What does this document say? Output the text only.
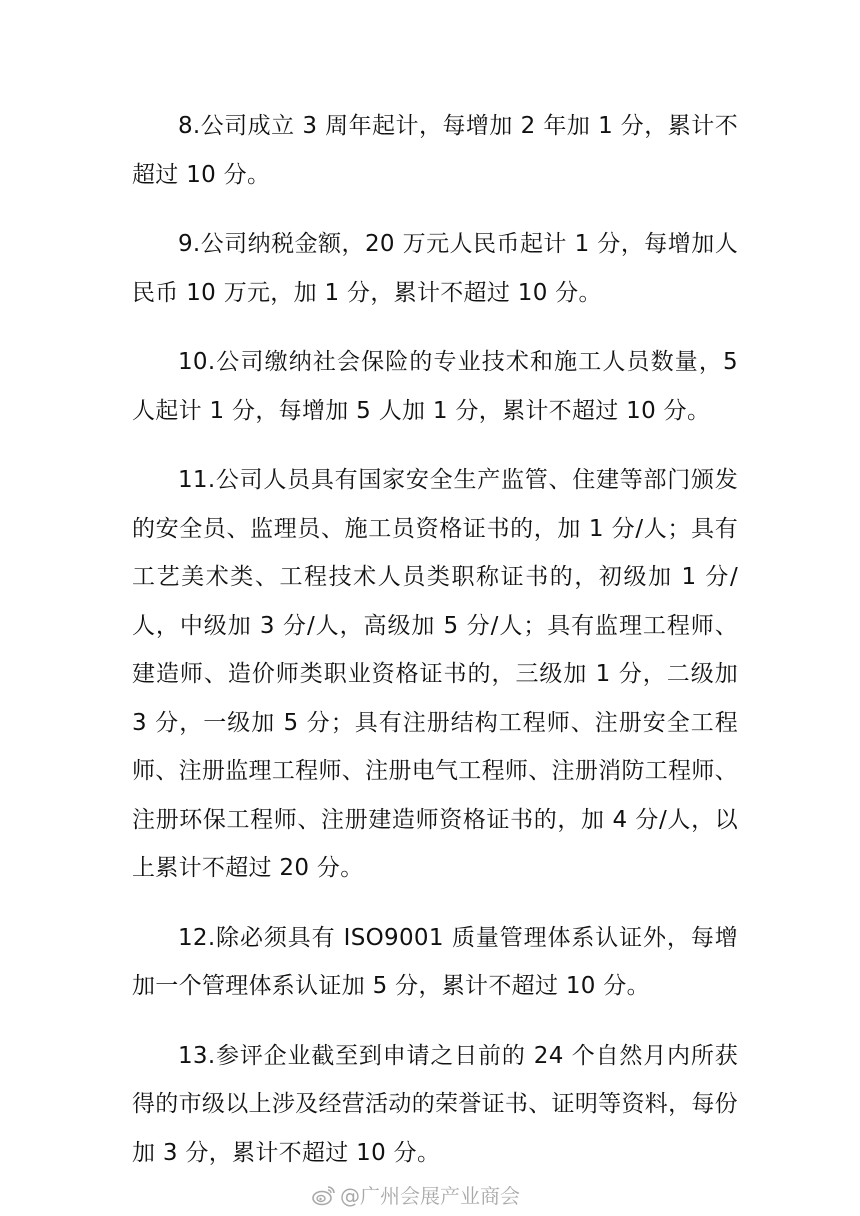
8.公司成立 3 周年起计，每增加 2 年加 1 分，累计不超过 10 分。

9.公司纳税金额，20 万元人民币起计 1 分，每增加人民币 10 万元，加 1 分，累计不超过 10 分。

10.公司缴纳社会保险的专业技术和施工人员数量，5 人起计 1 分，每增加 5 人加 1 分，累计不超过 10 分。

11.公司人员具有国家安全生产监管、住建等部门颁发的安全员、监理员、施工员资格证书的，加 1 分/人；具有工艺美术类、工程技术人员类职称证书的，初级加 1 分/人，中级加 3 分/人，高级加 5 分/人；具有监理工程师、建造师、造价师类职业资格证书的，三级加 1 分，二级加 3 分，一级加 5 分；具有注册结构工程师、注册安全工程师、注册监理工程师、注册电气工程师、注册消防工程师、注册环保工程师、注册建造师资格证书的，加 4 分/人，以上累计不超过 20 分。

12.除必须具有 ISO9001 质量管理体系认证外，每增加一个管理体系认证加 5 分，累计不超过 10 分。

13.参评企业截至到申请之日前的 24 个自然月内所获得的市级以上涉及经营活动的荣誉证书、证明等资料，每份加 3 分，累计不超过 10 分。

@广州会展产业商会
